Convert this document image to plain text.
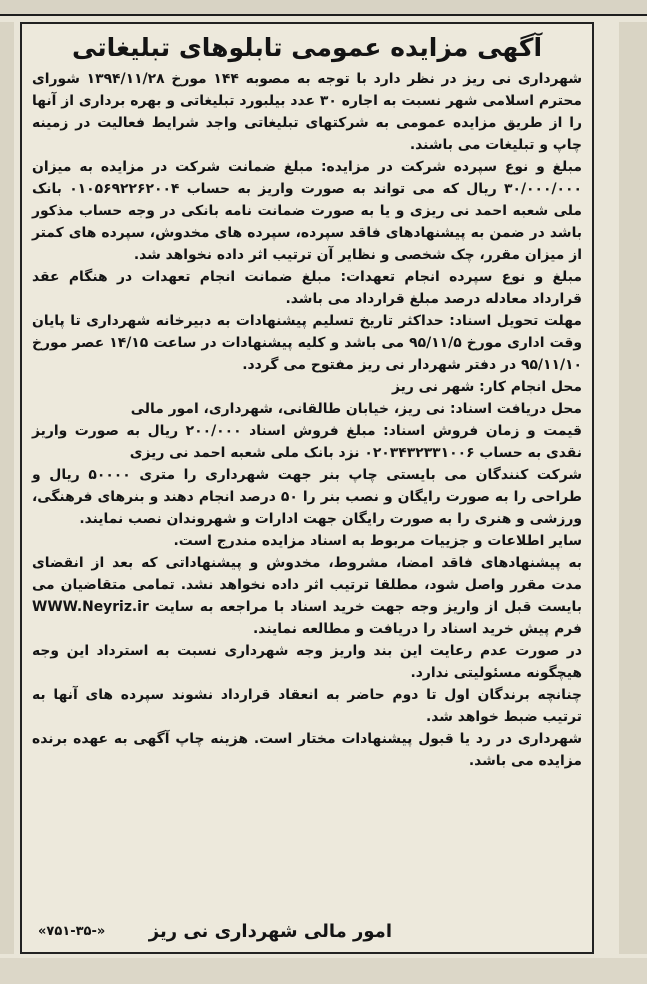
آگهی مزایده عمومی تابلوهای تبلیغاتی

شهرداری نی ریز در نظر دارد با توجه به مصوبه ۱۴۴ مورخ ۱۳۹۴/۱۱/۲۸ شورای محترم اسلامی شهر نسبت به اجاره ۳۰ عدد بیلبورد تبلیغاتی و بهره برداری از آنها را از طریق مزایده عمومی به شرکتهای تبلیغاتی واجد شرایط فعالیت در زمینه چاپ و تبلیغات می باشند.

مبلغ و نوع سپرده شرکت در مزایده: مبلغ ضمانت شرکت در مزایده به میزان ۳۰/۰۰۰/۰۰۰ ریال که می تواند به صورت واریز به حساب ۰۱۰۵۶۹۲۲۶۲۰۰۴ بانک ملی شعبه احمد نی ریزی و یا به صورت ضمانت نامه بانکی در وجه حساب مذکور باشد در ضمن به پیشنهادهای فاقد سپرده، سپرده های مخدوش، سپرده های کمتر از میزان مقرر، چک شخصی و نظایر آن ترتیب اثر داده نخواهد شد.

مبلغ و نوع سپرده انجام تعهدات: مبلغ ضمانت انجام تعهدات در هنگام عقد قرارداد معادله درصد مبلغ قرارداد می باشد.

مهلت تحویل اسناد: حداکثر تاریخ تسلیم پیشنهادات به دبیرخانه شهرداری تا پایان وقت اداری مورخ ۹۵/۱۱/۵ می باشد و کلیه پیشنهادات در ساعت ۱۴/۱۵ عصر مورخ ۹۵/۱۱/۱۰ در دفتر شهردار نی ریز مفتوح می گردد.

محل انجام کار: شهر نی ریز

محل دریافت اسناد: نی ریز، خیابان طالقانی، شهرداری، امور مالی

قیمت و زمان فروش اسناد: مبلغ فروش اسناد ۲۰۰/۰۰۰ ریال به صورت واریز نقدی به حساب ۰۲۰۳۴۳۲۳۳۱۰۰۶ نزد بانک ملی شعبه احمد نی ریزی

شرکت کنندگان می بایستی چاپ بنر جهت شهرداری را متری ۵۰۰۰۰ ریال و طراحی را به صورت رایگان و نصب بنر را ۵۰ درصد انجام دهند و بنرهای فرهنگی، ورزشی و هنری را به صورت رایگان جهت ادارات و شهروندان نصب نمایند.

سایر اطلاعات و جزییات مربوط به اسناد مزایده مندرج است.

به پیشنهادهای فاقد امضا، مشروط، مخدوش و پیشنهاداتی که بعد از انقضای مدت مقرر واصل شود، مطلقا ترتیب اثر داده نخواهد نشد. تمامی متقاضیان می بایست قبل از واریز وجه جهت خرید اسناد با مراجعه به سایت WWW.Neyriz.ir فرم پیش خرید اسناد را دریافت و مطالعه نمایند.

در صورت عدم رعایت این بند واریز وجه شهرداری نسبت به استرداد این وجه هیچگونه مسئولیتی ندارد.

چنانچه برندگان اول تا دوم حاضر به انعقاد قرارداد نشوند سپرده های آنها به ترتیب ضبط خواهد شد.

شهرداری در رد یا قبول پیشنهادات مختار است. هزینه چاپ آگهی به عهده برنده مزایده می باشد.

امور مالی شهرداری نی ریز
«۷۵۱-۳۵-»
